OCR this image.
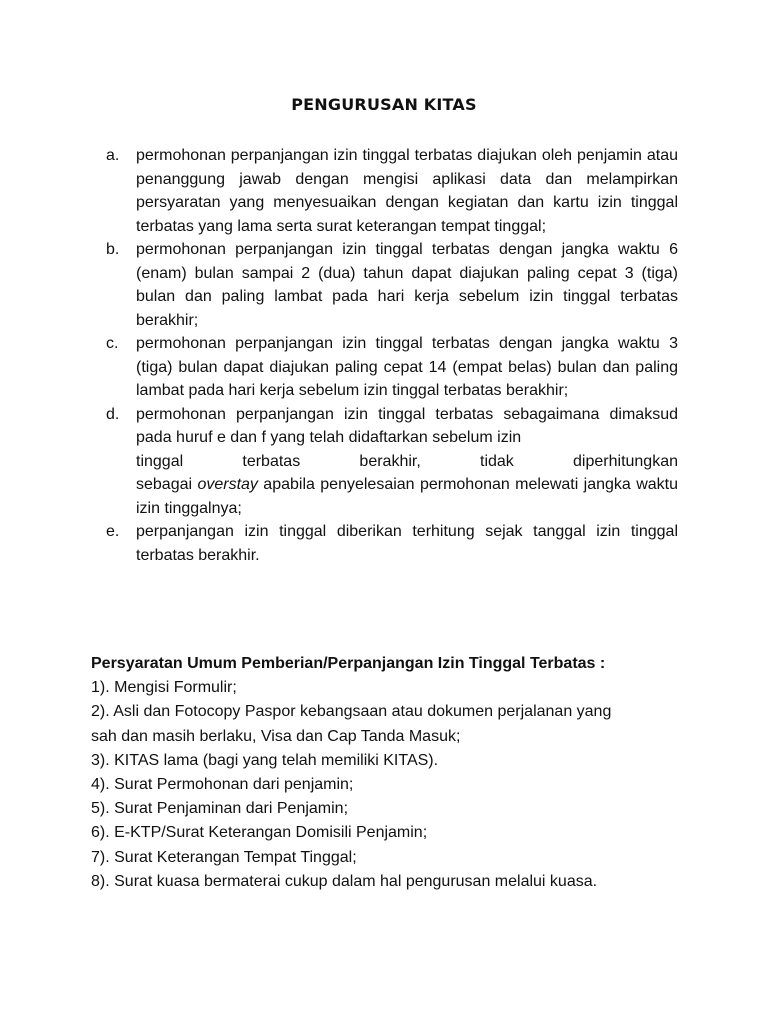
PENGURUSAN KITAS
a. permohonan perpanjangan izin tinggal terbatas diajukan oleh penjamin atau penanggung jawab dengan mengisi aplikasi data dan melampirkan persyaratan yang menyesuaikan dengan kegiatan dan kartu izin tinggal terbatas yang lama serta surat keterangan tempat tinggal;
b. permohonan perpanjangan izin tinggal terbatas dengan jangka waktu 6 (enam) bulan sampai 2 (dua) tahun dapat diajukan paling cepat 3 (tiga) bulan dan paling lambat pada hari kerja sebelum izin tinggal terbatas berakhir;
c. permohonan perpanjangan izin tinggal terbatas dengan jangka waktu 3 (tiga) bulan dapat diajukan paling cepat 14 (empat belas) bulan dan paling lambat pada hari kerja sebelum izin tinggal terbatas berakhir;
d. permohonan perpanjangan izin tinggal terbatas sebagaimana dimaksud pada huruf e dan f yang telah didaftarkan sebelum izin
tinggal terbatas berakhir, tidak diperhitungkan
sebagai overstay apabila penyelesaian permohonan melewati jangka waktu izin tinggalnya;
e. perpanjangan izin tinggal diberikan terhitung sejak tanggal izin tinggal terbatas berakhir.
Persyaratan Umum Pemberian/Perpanjangan Izin Tinggal Terbatas :
1). Mengisi Formulir;
2). Asli dan Fotocopy Paspor kebangsaan atau dokumen perjalanan yang
sah dan masih berlaku, Visa dan Cap Tanda Masuk;
3). KITAS lama (bagi yang telah memiliki KITAS).
4). Surat Permohonan dari penjamin;
5). Surat Penjaminan dari Penjamin;
6). E-KTP/Surat Keterangan Domisili Penjamin;
7). Surat Keterangan Tempat Tinggal;
8). Surat kuasa bermaterai cukup dalam hal pengurusan melalui kuasa.
